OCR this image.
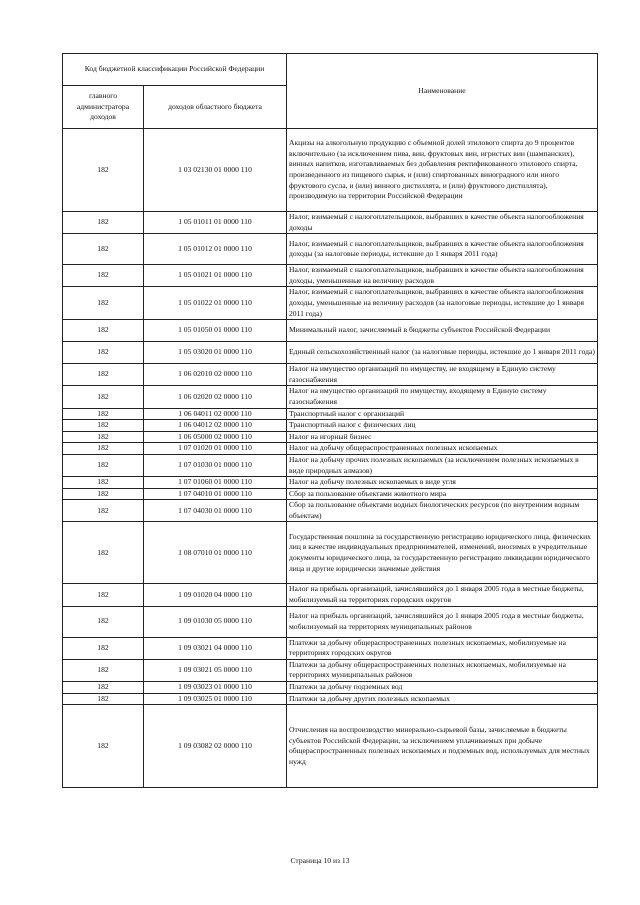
Код бюджетной классификации Российской Федерации		Наименование
главного администратора доходов	доходов областного бюджета	
182	1 03 02130 01 0000 110	Акцизы на алкогольную продукцию с объемной долей этилового спирта до 9 процентов включительно (за исключением пива, вин, фруктовых вин, игристых вин (шампанских), винных напитков, изготавливаемых без добавления ректификованного этилового спирта, произведенного из пищевого сырья, и (или) спиртованных виноградного или иного фруктового сусла, и (или) винного дистиллята, и (или) фруктового дистиллята), производимую на территории Российской Федерации
182	1 05 01011 01 0000 110	Налог, взимаемый с налогоплательщиков, выбравших в качестве объекта налогообложения доходы
182	1 05 01012 01 0000 110	Налог, взимаемый с налогоплательщиков, выбравших в качестве объекта налогообложения доходы (за налоговые периоды, истекшие до 1 января 2011 года)
182	1 05 01021 01 0000 110	Налог, взимаемый с налогоплательщиков, выбравших в качестве объекта налогообложения доходы, уменьшенные на величину расходов
182	1 05 01022 01 0000 110	Налог, взимаемый с налогоплательщиков, выбравших в качестве объекта налогообложения доходы, уменьшенные на величину расходов (за налоговые периоды, истекшие до 1 января 2011 года)
182	1 05 01050 01 0000 110	Минимальный налог, зачисляемый в бюджеты субъектов Российской Федерации
182	1 05 03020 01 0000 110	Единый сельскохозяйственный налог (за налоговые периоды, истекшие до 1 января 2011 года)
182	1 06 02010 02 0000 110	Налог на имущество организаций по имуществу, не входящему в Единую систему газоснабжения
182	1 06 02020 02 0000 110	Налог на имущество организаций по имуществу, входящему в Единую систему газоснабжения
182	1 06 04011 02 0000 110	Транспортный налог с организаций
182	1 06 04012 02 0000 110	Транспортный налог с физических лиц
182	1 06 05000 02 0000 110	Налог на игорный бизнес
182	1 07 01020 01 0000 110	Налог на добычу общераспространенных полезных ископаемых
182	1 07 01030 01 0000 110	Налог на добычу прочих полезных ископаемых (за исключением полезных ископаемых в виде природных алмазов)
182	1 07 01060 01 0000 110	Налог на добычу полезных ископаемых в виде угля
182	1 07 04010 01 0000 110	Сбор за пользование объектами животного мира
182	1 07 04030 01 0000 110	Сбор за пользование объектами водных биологических ресурсов (по внутренним водным объектам)
182	1 08 07010 01 0000 110	Государственная пошлина за государственную регистрацию юридического лица, физических лиц в качестве индивидуальных предпринимателей, изменений, вносимых в учредительные документы юридического лица, за государственную регистрацию ликвидации юридического лица и другие юридически значимые действия
182	1 09 01020 04 0000 110	Налог на прибыль организаций, зачислявшийся до 1 января 2005 года в местные бюджеты, мобилизуемый на территориях городских округов
182	1 09 01030 05 0000 110	Налог на прибыль организаций, зачислявшийся до 1 января 2005 года в местные бюджеты, мобилизуемый на территориях муниципальных районов
182	1 09 03021 04 0000 110	Платежи за добычу общераспространенных полезных ископаемых, мобилизуемые на территориях городских округов
182	1 09 03021 05 0000 110	Платежи за добычу общераспространенных полезных ископаемых, мобилизуемые на территориях муниципальных районов
182	1 09 03023 01 0000 110	Платежи за добычу подземных вод
182	1 09 03025 01 0000 110	Платежи за добычу других полезных ископаемых
182	1 09 03082 02 0000 110	Отчисления на воспроизводство минерально-сырьевой базы, зачисляемые в бюджеты субъектов Российской Федерации, за исключением уплачиваемых при добыче общераспространенных полезных ископаемых и подземных вод, используемых для местных нужд
Страница 10 из 13
